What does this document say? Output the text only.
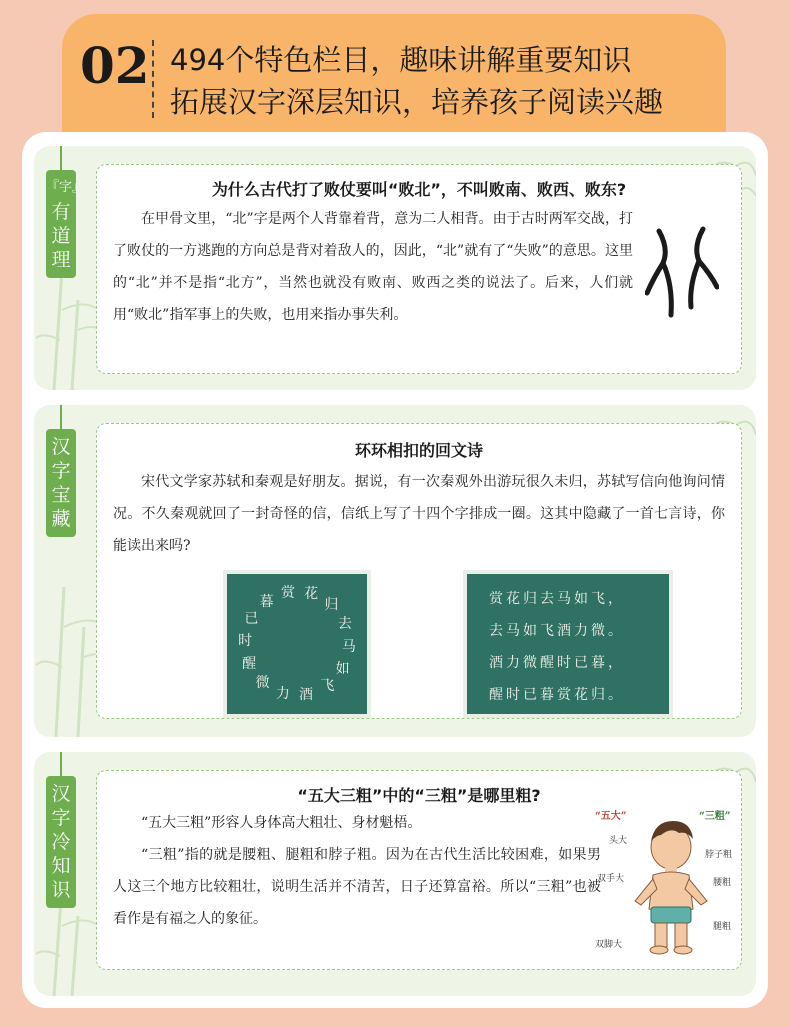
02 494个特色栏目，趣味讲解重要知识
拓展汉字深层知识，培养孩子阅读兴趣
『字』
有
道
理
为什么古代打了败仗要叫“败北”，不叫败南、败西、败东?
在甲骨文里，“北”字是两个人背靠着背，意为二人相背。由于古时两军交战，打了败仗的一方逃跑的方向总是背对着敌人的，因此，“北”就有了“失败”的意思。这里的“北”并不是指“北方”，当然也就没有败南、败西之类的说法了。后来，人们就用“败北”指军事上的失败，也用来指办事失利。
汉
字
宝
藏
环环相扣的回文诗
宋代文学家苏轼和秦观是好朋友。据说，有一次秦观外出游玩很久未归，苏轼写信向他询问情况。不久秦观就回了一封奇怪的信，信纸上写了十四个字排成一圈。这其中隐藏了一首七言诗，你能读出来吗?
赏 花
归
去
马
如
飞
酒
力
微
醒
时
已
暮	赏花归去马如飞，
去马如飞酒力微。
酒力微醒时已暮，
醒时已暮赏花归。
汉
字
冷
知
识
“五大三粗”中的“三粗”是哪里粗?
“五大三粗”形容人身体高大粗壮、身材魁梧。
“三粗”指的就是腰粗、腿粗和脖子粗。因为在古代生活比较困难，如果男人这三个地方比较粗壮，说明生活并不清苦，日子还算富裕。所以“三粗”也被看作是有福之人的象征。
“五大”	“三粗”
头大
脖子粗
双手大	腰粗
腿粗
双脚大
